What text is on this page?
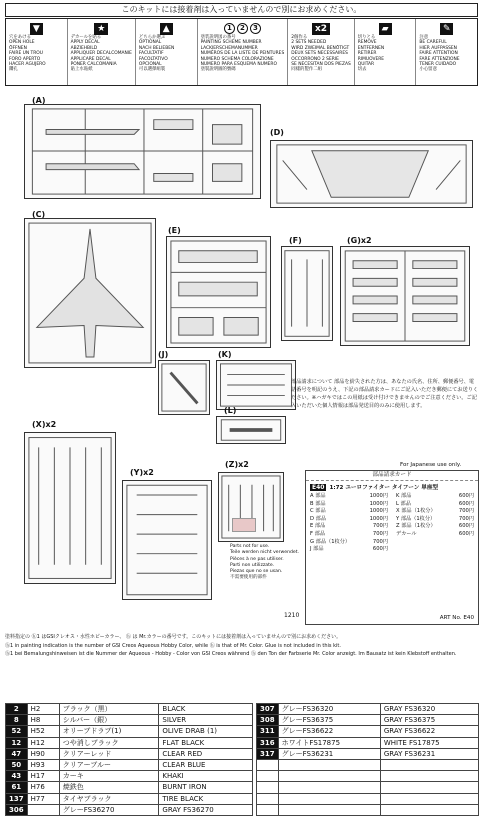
このキットには接着剤は入っていませんので別にお求めください。
▼
穴をあける
OPEN HOLE
ÖFFNEN
FAIRE UN TROU
FORO APERTO
HACER AGUJERO
鑽孔
★
デカールを貼る
APPLY DECAL
ABZIEHBILD
APPLIQUER DECALCOMANIE
APPLICARE DECAL
PONER CALCOMANIA
貼上水貼紙
▲
どちらか選ぶ
OPTIONAL
NACH BELIEBEN
FACULTATIF
FACOLTATIVO
OPCIONAL
可以選擇組裝
1 2 3
塗装説明図の番号
PAINTING SCHEME NUMBER
LACKIERSCHEMANUMMER
NUMÉROS DE LA LISTE DE PEINTURES
NUMERO SCHEMA COLORAZIONE
NUMERO PARA ESQUEMA NUMERO
塗裝說明圖的號碼
x2
2個作る
2 SETS NEEDED
WIRD ZWEIMAL BENÖTIGT
DEUX SETS NECESSAIRES
OCCORRONO 2 SERIE
SE NECESITAN DOS PIEZAS
同樣的製作二組
▰
切りとる
REMOVE
ENTFERNEN
RETIRER
RIMUOVERE
QUITAR
切去
✎
注意
BE CAREFUL
HIER AUFPASSEN
FAIRE ATTENTION
FARE ATTENZIONE
TENER CUIDADO
小心留意
(A)
(D)
(C)
(E)
(F)	(G)x2
(J)	(K)
(L)
(X)x2
(Y)x2
(Z)x2
Parts not for use.
Teile werden nicht verwendet.
Pièces à ne pas utiliser.
Parti non utilizzate.
Piezas que no se usan.
不需要使用的部件
1210
部品請求について 部品を紛失された方は、あなたの氏名、住所、郵便番号、電話番号を明記のうえ、下記の部品請求カードにご記入いただき郵便にてお送りください。※ハガキではこの用紙は受け付けできませんのでご注意ください。ご記入いただいた個人情報は部品発送目的のみに使用します。
For Japanese use only.
部品請求カード
E40 1:72 ユーロファイター タイフーン 単座型
A 部品	1000円
B 部品	1000円
C 部品	1000円
D 部品	1000円
E 部品	700円
F 部品	700円
G 部品（1枚分）	700円
J 部品	600円
K 部品	600円
L 部品	600円
X 部品（1枚分）	700円
Y 部品（1枚分）	700円
Z 部品（1枚分）	600円
デカール	600円
ART No. E40
塗料指定の ⓗ1 はGSIクレオス・水性ホビーカラー、 ⓗ は Mr.カラーの番号です。このキットには接着剤は入っていませんので別にお求めください。
ⓗ1 in painting indication is the number of GSI Creos Aqueous Hobby Color, while ⓗ is that of Mr. Color. Glue is not included in this kit.
ⓗ1 bei Bemalungshinweisen ist die Nummer der Aqueous - Hobby - Color von GSI Creos während ⓗ den Ton der Farbserie Mr. Color anzeigt. Im Bausatz ist kein Klebstoff enthalten.
2	H2	ブラック（黒）	BLACK
8	H8	シルバー（銀）	SILVER
52	H52	オリーブドラブ(1)	OLIVE DRAB (1)
12	H12	つや消しブラック	FLAT BLACK
47	H90	クリアーレッド	CLEAR RED
50	H93	クリアーブルー	CLEAR BLUE
43	H17	カーキ	KHAKI
61	H76	焼鉄色	BURNT IRON
137	H77	タイヤブラック	TIRE BLACK
306		グレーFS36270	GRAY FS36270
307	グレーFS36320	GRAY FS36320
308	グレーFS36375	GRAY FS36375
311	グレーFS36622	GRAY FS36622
316	ホワイトFS17875	WHITE FS17875
317	グレーFS36231	GRAY FS36231
